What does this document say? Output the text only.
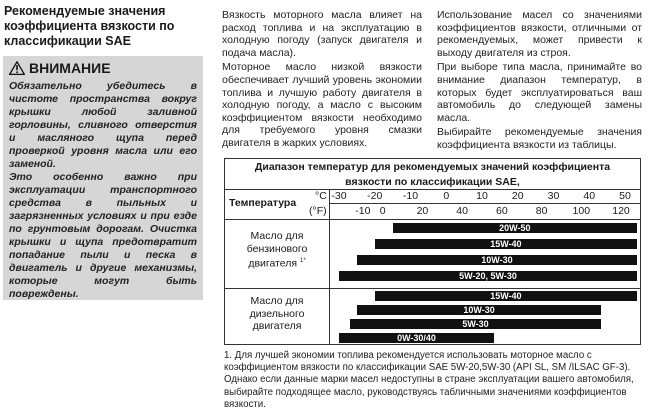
Рекомендуемые значения коэффициента вязкости по классификации SAE
ВНИМАНИЕ

Обязательно убедитесь в чистоте пространства вокруг крышки любой заливной горловины, сливного отверстия и масляного щупа перед проверкой уровня масла или его заменой.

Это особенно важно при эксплуатации транспортного средства в пыльных и загрязненных условиях и при езде по грунтовым дорогам. Очистка крышки и щупа предотвратит попадание пыли и песка в двигатель и другие механизмы, которые могут быть повреждены.

Вязкость моторного масла влияет на расход топлива и на эксплуатацию в холодную погоду (запуск двигателя и подача масла).

Моторное масло низкой вязкости обеспечивает лучший уровень экономии топлива и лучшую работу двигателя в холодную погоду, а масло с высоким коэффициентом вязкости необходимо для требуемого уровня смазки двигателя в жарких условиях.

Использование масел со значениями коэффициентов вязкости, отличными от рекомендуемых, может привести к выходу двигателя из строя.

При выборе типа масла, принимайте во внимание диапазон температур, в которых будет эксплуатироваться ваш автомобиль до следующей замены масла.

Выбирайте рекомендуемые значения коэффициента вязкости из таблицы.

Диапазон температур для рекомендуемых значений коэффициента
вязкости по классификации SAE,
Температура
°C
(°F)
-30 -20 -10 0	10 20 30 40 50
-10 0	20	40	60	80 100 120
Масло для
бензинового
двигателя $^{1*}$
20W-50
15W-40
10W-30
5W-20, 5W-30
Масло для
дизельного
двигателя
15W-40
10W-30
5W-30
0W-30/40
1. Для лучшей экономии топлива рекомендуется использовать моторное масло с коэффициентом вязкости по классификации SAE 5W-20,5W-30 (API SL, SM /ILSAC GF-3). Однако если данные марки масел недоступны в стране эксплуатации вашего автомобиля, выбирайте подходящее масло, руководствуясь табличными значениями коэффициентов вязкости.
